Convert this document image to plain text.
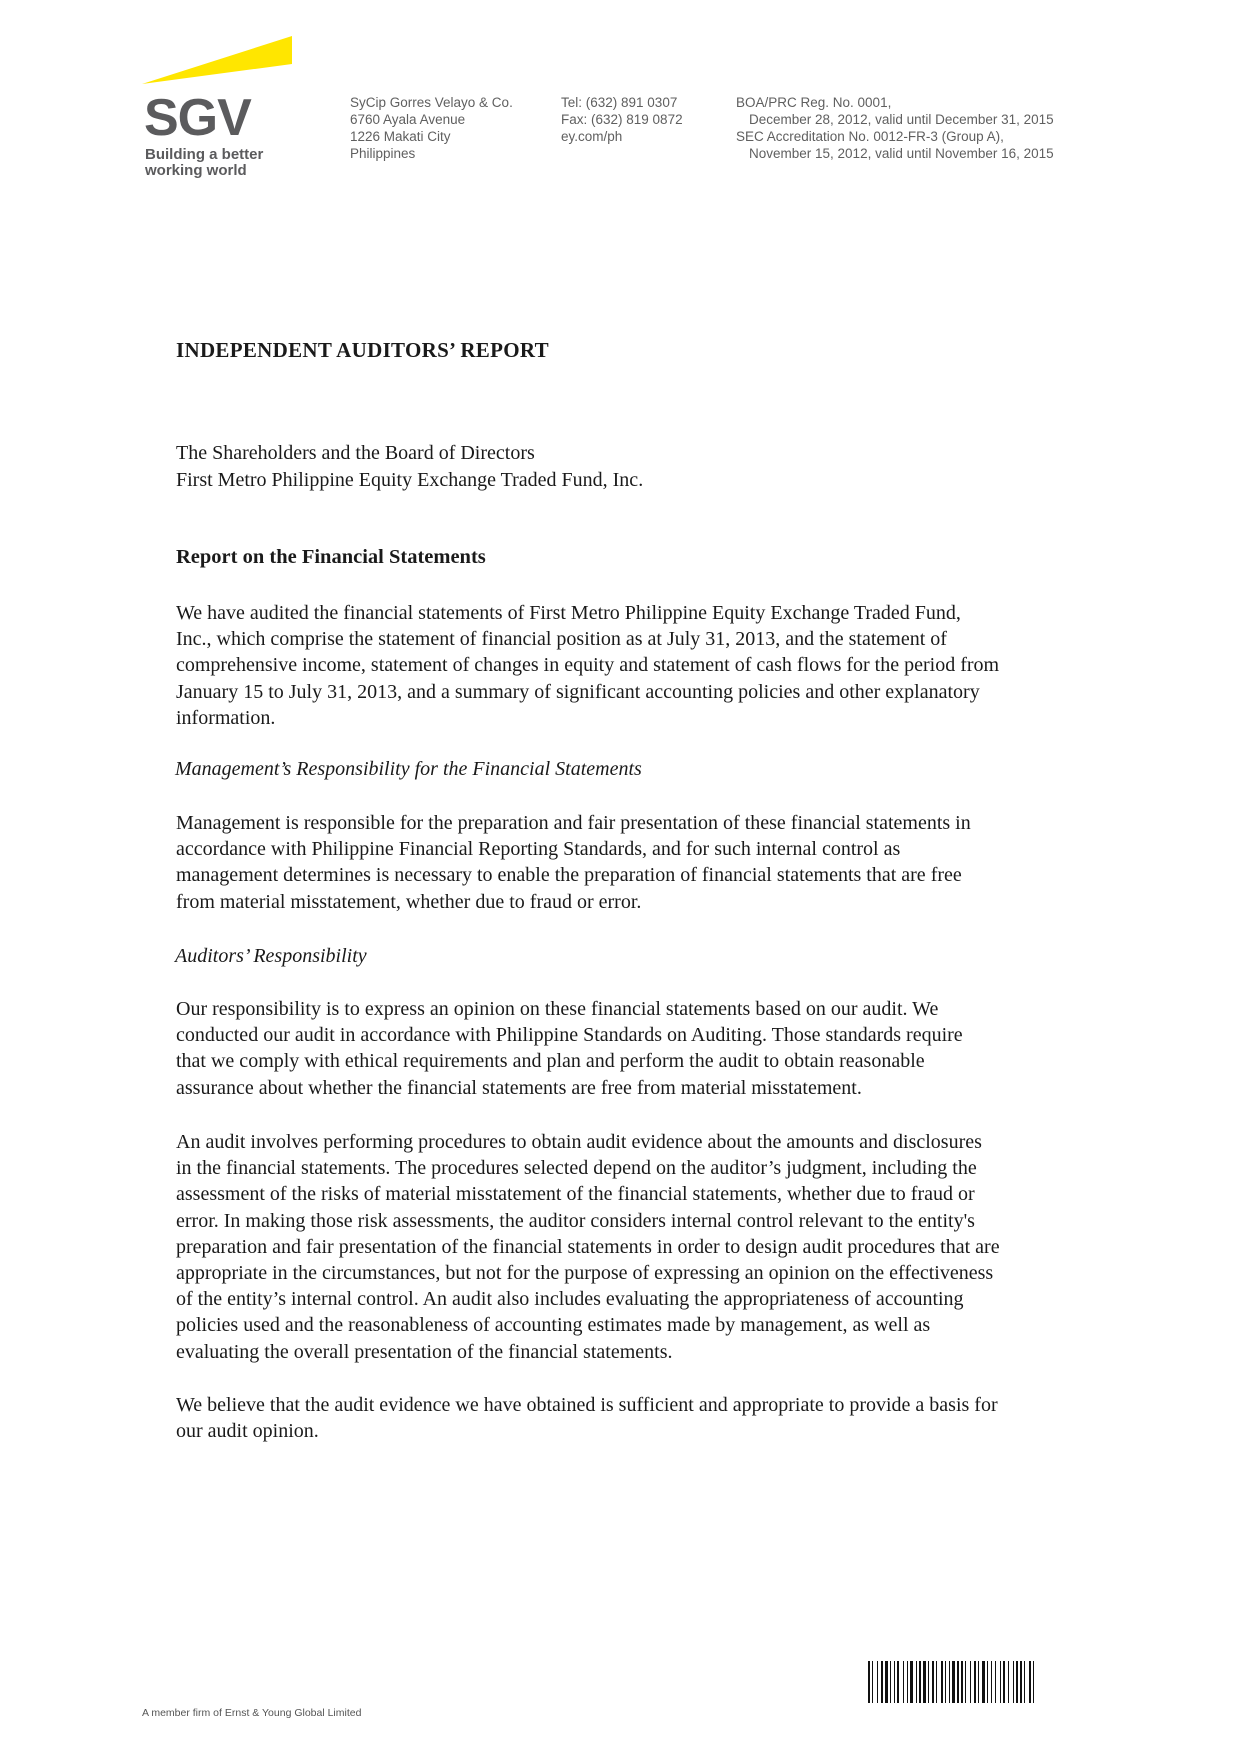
SGV
Building a better
working world
SyCip Gorres Velayo & Co.
6760 Ayala Avenue
1226 Makati City
Philippines
Tel: (632) 891 0307
Fax: (632) 819 0872
ey.com/ph
BOA/PRC Reg. No. 0001,
December 28, 2012, valid until December 31, 2015
SEC Accreditation No. 0012-FR-3 (Group A),
November 15, 2012, valid until November 16, 2015
INDEPENDENT AUDITORS’ REPORT
The Shareholders and the Board of Directors
First Metro Philippine Equity Exchange Traded Fund, Inc.
Report on the Financial Statements
We have audited the financial statements of First Metro Philippine Equity Exchange Traded Fund,
Inc., which comprise the statement of financial position as at July 31, 2013, and the statement of
comprehensive income, statement of changes in equity and statement of cash flows for the period from
January 15 to July 31, 2013, and a summary of significant accounting policies and other explanatory
information.
Management’s Responsibility for the Financial Statements
Management is responsible for the preparation and fair presentation of these financial statements in
accordance with Philippine Financial Reporting Standards, and for such internal control as
management determines is necessary to enable the preparation of financial statements that are free
from material misstatement, whether due to fraud or error.
Auditors’ Responsibility
Our responsibility is to express an opinion on these financial statements based on our audit. We
conducted our audit in accordance with Philippine Standards on Auditing. Those standards require
that we comply with ethical requirements and plan and perform the audit to obtain reasonable
assurance about whether the financial statements are free from material misstatement.
An audit involves performing procedures to obtain audit evidence about the amounts and disclosures
in the financial statements. The procedures selected depend on the auditor’s judgment, including the
assessment of the risks of material misstatement of the financial statements, whether due to fraud or
error. In making those risk assessments, the auditor considers internal control relevant to the entity's
preparation and fair presentation of the financial statements in order to design audit procedures that are
appropriate in the circumstances, but not for the purpose of expressing an opinion on the effectiveness
of the entity’s internal control. An audit also includes evaluating the appropriateness of accounting
policies used and the reasonableness of accounting estimates made by management, as well as
evaluating the overall presentation of the financial statements.
We believe that the audit evidence we have obtained is sufficient and appropriate to provide a basis for
our audit opinion.
A member firm of Ernst & Young Global Limited
